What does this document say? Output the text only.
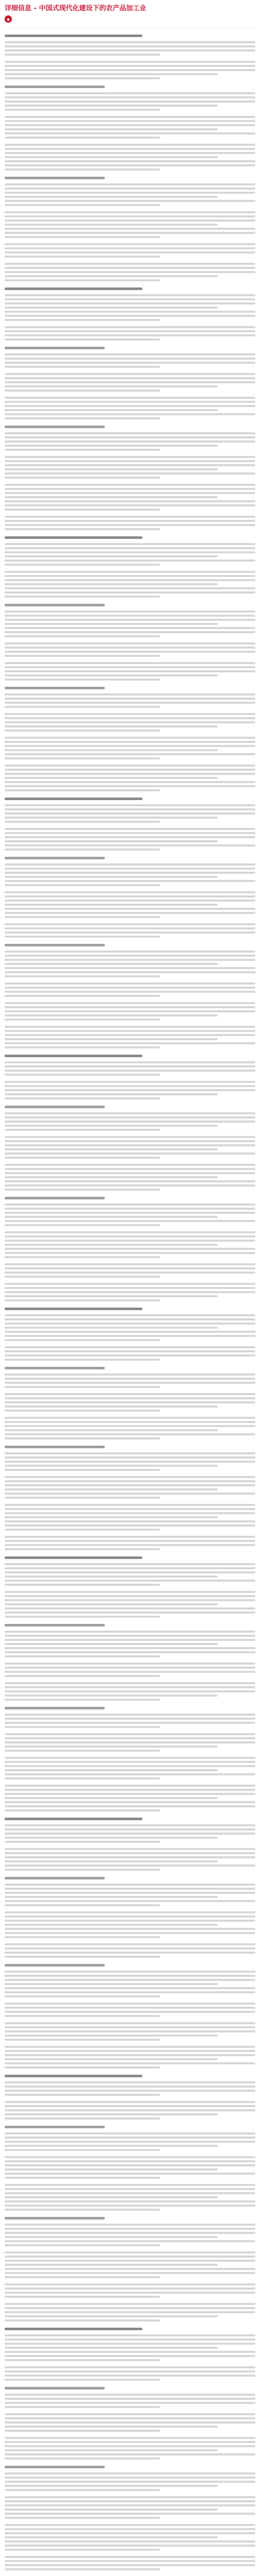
详细信息 - 中国式现代化建设下的农产品加工业
◆
